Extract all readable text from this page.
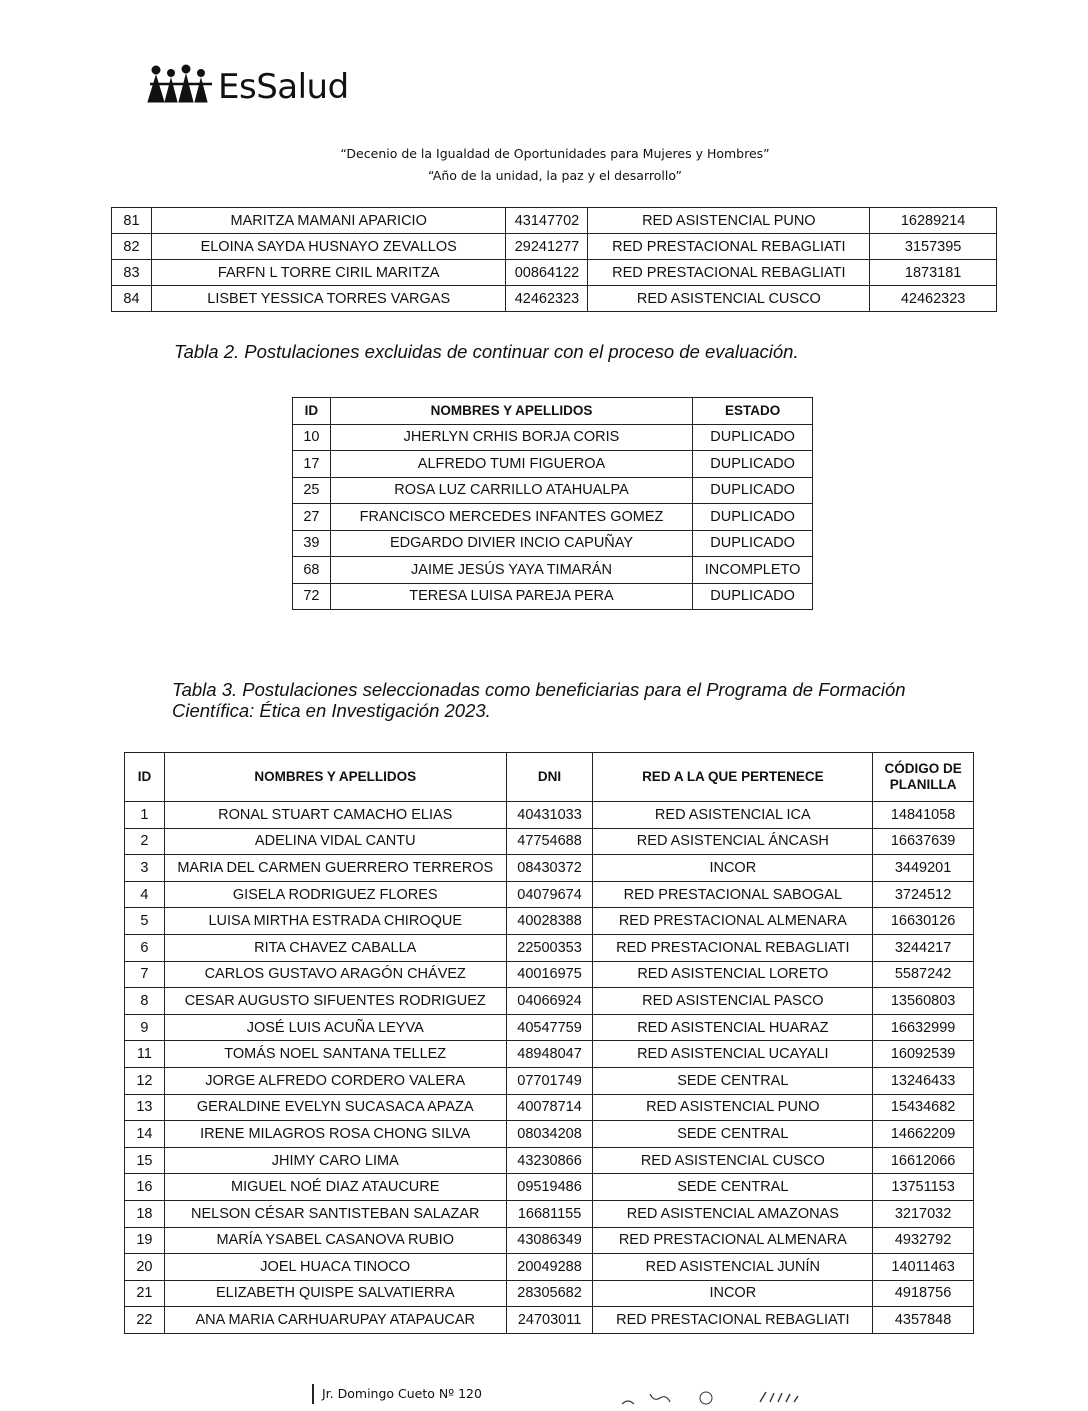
EsSalud
“Decenio de la Igualdad de Oportunidades para Mujeres y Hombres”
“Año de la unidad, la paz y el desarrollo”
81	MARITZA MAMANI APARICIO	43147702	RED ASISTENCIAL PUNO	16289214
82	ELOINA SAYDA HUSNAYO ZEVALLOS	29241277	RED PRESTACIONAL REBAGLIATI	3157395
83	FARFN L TORRE CIRIL MARITZA	00864122	RED PRESTACIONAL REBAGLIATI	1873181
84	LISBET YESSICA TORRES VARGAS	42462323	RED ASISTENCIAL CUSCO	42462323
Tabla 2. Postulaciones excluidas de continuar con el proceso de evaluación.
ID	NOMBRES Y APELLIDOS	ESTADO
10	JHERLYN CRHIS BORJA CORIS	DUPLICADO
17	ALFREDO TUMI FIGUEROA	DUPLICADO
25	ROSA LUZ CARRILLO ATAHUALPA	DUPLICADO
27	FRANCISCO MERCEDES INFANTES GOMEZ	DUPLICADO
39	EDGARDO DIVIER INCIO CAPUÑAY	DUPLICADO
68	JAIME JESÚS YAYA TIMARÁN	INCOMPLETO
72	TERESA LUISA PAREJA PERA	DUPLICADO
Tabla 3. Postulaciones seleccionadas como beneficiarias para el Programa de Formación
Científica: Ética en Investigación 2023.
ID	NOMBRES Y APELLIDOS	DNI	RED A LA QUE PERTENECE	CÓDIGO DE PLANILLA
1	RONAL STUART CAMACHO ELIAS	40431033	RED ASISTENCIAL ICA	14841058
2	ADELINA VIDAL CANTU	47754688	RED ASISTENCIAL ÁNCASH	16637639
3	MARIA DEL CARMEN GUERRERO TERREROS	08430372	INCOR	3449201
4	GISELA RODRIGUEZ FLORES	04079674	RED PRESTACIONAL SABOGAL	3724512
5	LUISA MIRTHA ESTRADA CHIROQUE	40028388	RED PRESTACIONAL ALMENARA	16630126
6	RITA CHAVEZ CABALLA	22500353	RED PRESTACIONAL REBAGLIATI	3244217
7	CARLOS GUSTAVO ARAGÓN CHÁVEZ	40016975	RED ASISTENCIAL LORETO	5587242
8	CESAR AUGUSTO SIFUENTES RODRIGUEZ	04066924	RED ASISTENCIAL PASCO	13560803
9	JOSÉ LUIS ACUÑA LEYVA	40547759	RED ASISTENCIAL HUARAZ	16632999
11	TOMÁS NOEL SANTANA TELLEZ	48948047	RED ASISTENCIAL UCAYALI	16092539
12	JORGE ALFREDO CORDERO VALERA	07701749	SEDE CENTRAL	13246433
13	GERALDINE EVELYN SUCASACA APAZA	40078714	RED ASISTENCIAL PUNO	15434682
14	IRENE MILAGROS ROSA CHONG SILVA	08034208	SEDE CENTRAL	14662209
15	JHIMY CARO LIMA	43230866	RED ASISTENCIAL CUSCO	16612066
16	MIGUEL NOÉ DIAZ ATAUCURE	09519486	SEDE CENTRAL	13751153
18	NELSON CÉSAR SANTISTEBAN SALAZAR	16681155	RED ASISTENCIAL AMAZONAS	3217032
19	MARÍA YSABEL CASANOVA RUBIO	43086349	RED PRESTACIONAL ALMENARA	4932792
20	JOEL HUACA TINOCO	20049288	RED ASISTENCIAL JUNÍN	14011463
21	ELIZABETH QUISPE SALVATIERRA	28305682	INCOR	4918756
22	ANA MARIA CARHUARUPAY ATAPAUCAR	24703011	RED PRESTACIONAL REBAGLIATI	4357848
Jr. Domingo Cueto Nº 120
